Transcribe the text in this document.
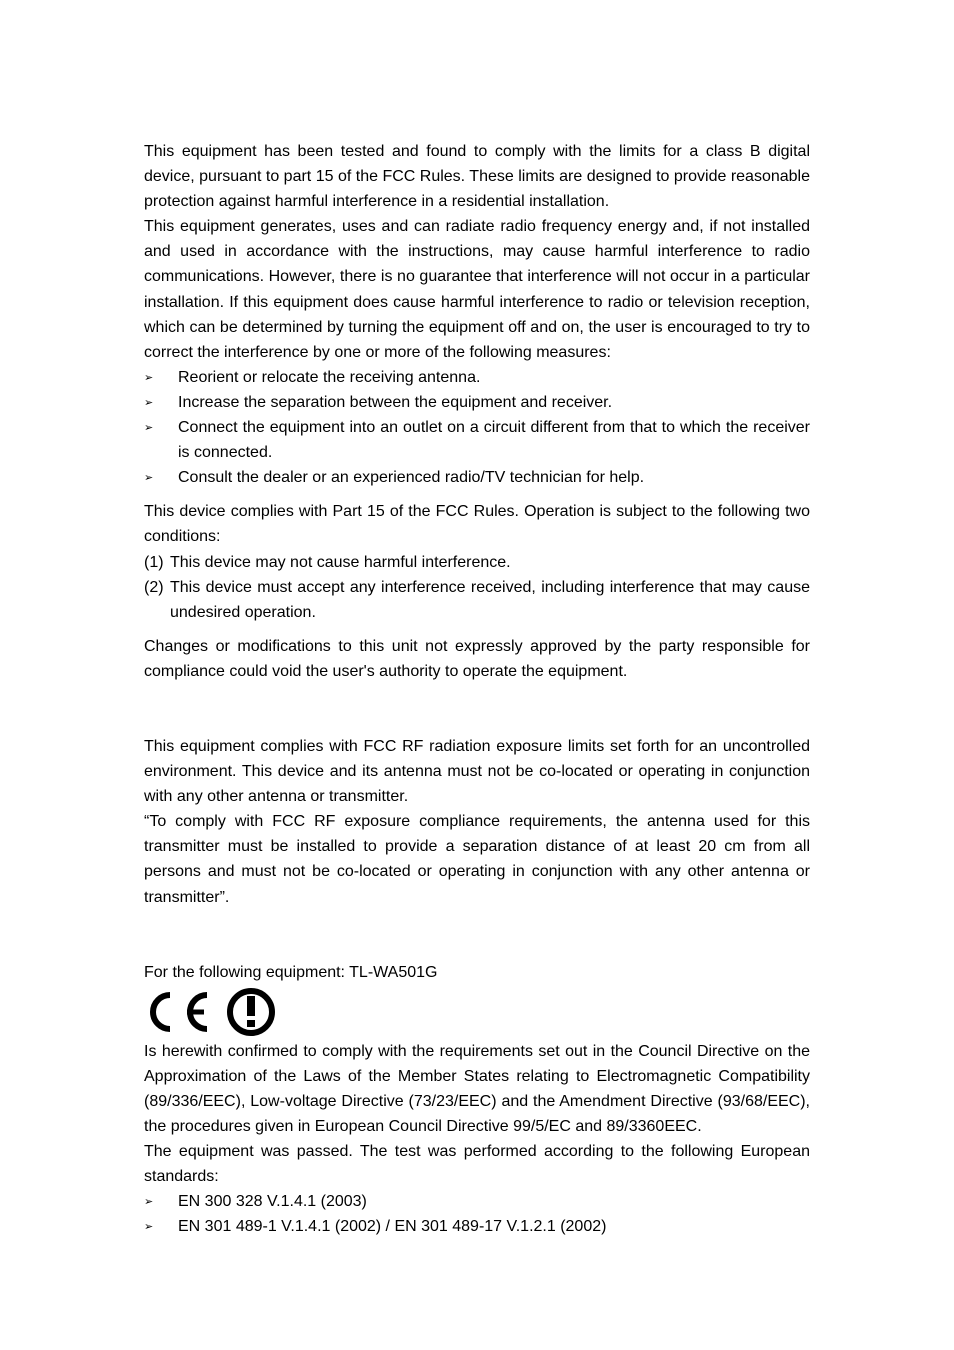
This equipment has been tested and found to comply with the limits for a class B digital device, pursuant to part 15 of the FCC Rules. These limits are designed to provide reasonable protection against harmful interference in a residential installation.

This equipment generates, uses and can radiate radio frequency energy and, if not installed and used in accordance with the instructions, may cause harmful interference to radio communications. However, there is no guarantee that interference will not occur in a particular installation. If this equipment does cause harmful interference to radio or television reception, which can be determined by turning the equipment off and on, the user is encouraged to try to correct the interference by one or more of the following measures:

➢ Reorient or relocate the receiving antenna.
➢ Increase the separation between the equipment and receiver.
➢ Connect the equipment into an outlet on a circuit different from that to which the receiver is connected.
➢ Consult the dealer or an experienced radio/TV technician for help.

This device complies with Part 15 of the FCC Rules. Operation is subject to the following two conditions:

(1) This device may not cause harmful interference.
(2) This device must accept any interference received, including interference that may cause undesired operation.

Changes or modifications to this unit not expressly approved by the party responsible for compliance could void the user's authority to operate the equipment.

This equipment complies with FCC RF radiation exposure limits set forth for an uncontrolled environment. This device and its antenna must not be co-located or operating in conjunction with any other antenna or transmitter.

“To comply with FCC RF exposure compliance requirements, the antenna used for this transmitter must be installed to provide a separation distance of at least 20 cm from all persons and must not be co-located or operating in conjunction with any other antenna or transmitter”.

For the following equipment: TL-WA501G

Is herewith confirmed to comply with the requirements set out in the Council Directive on the Approximation of the Laws of the Member States relating to Electromagnetic Compatibility (89/336/EEC), Low-voltage Directive (73/23/EEC) and the Amendment Directive (93/68/EEC), the procedures given in European Council Directive 99/5/EC and 89/3360EEC.

The equipment was passed. The test was performed according to the following European standards:

➢ EN 300 328 V.1.4.1 (2003)
➢ EN 301 489-1 V.1.4.1 (2002) / EN 301 489-17 V.1.2.1 (2002)
